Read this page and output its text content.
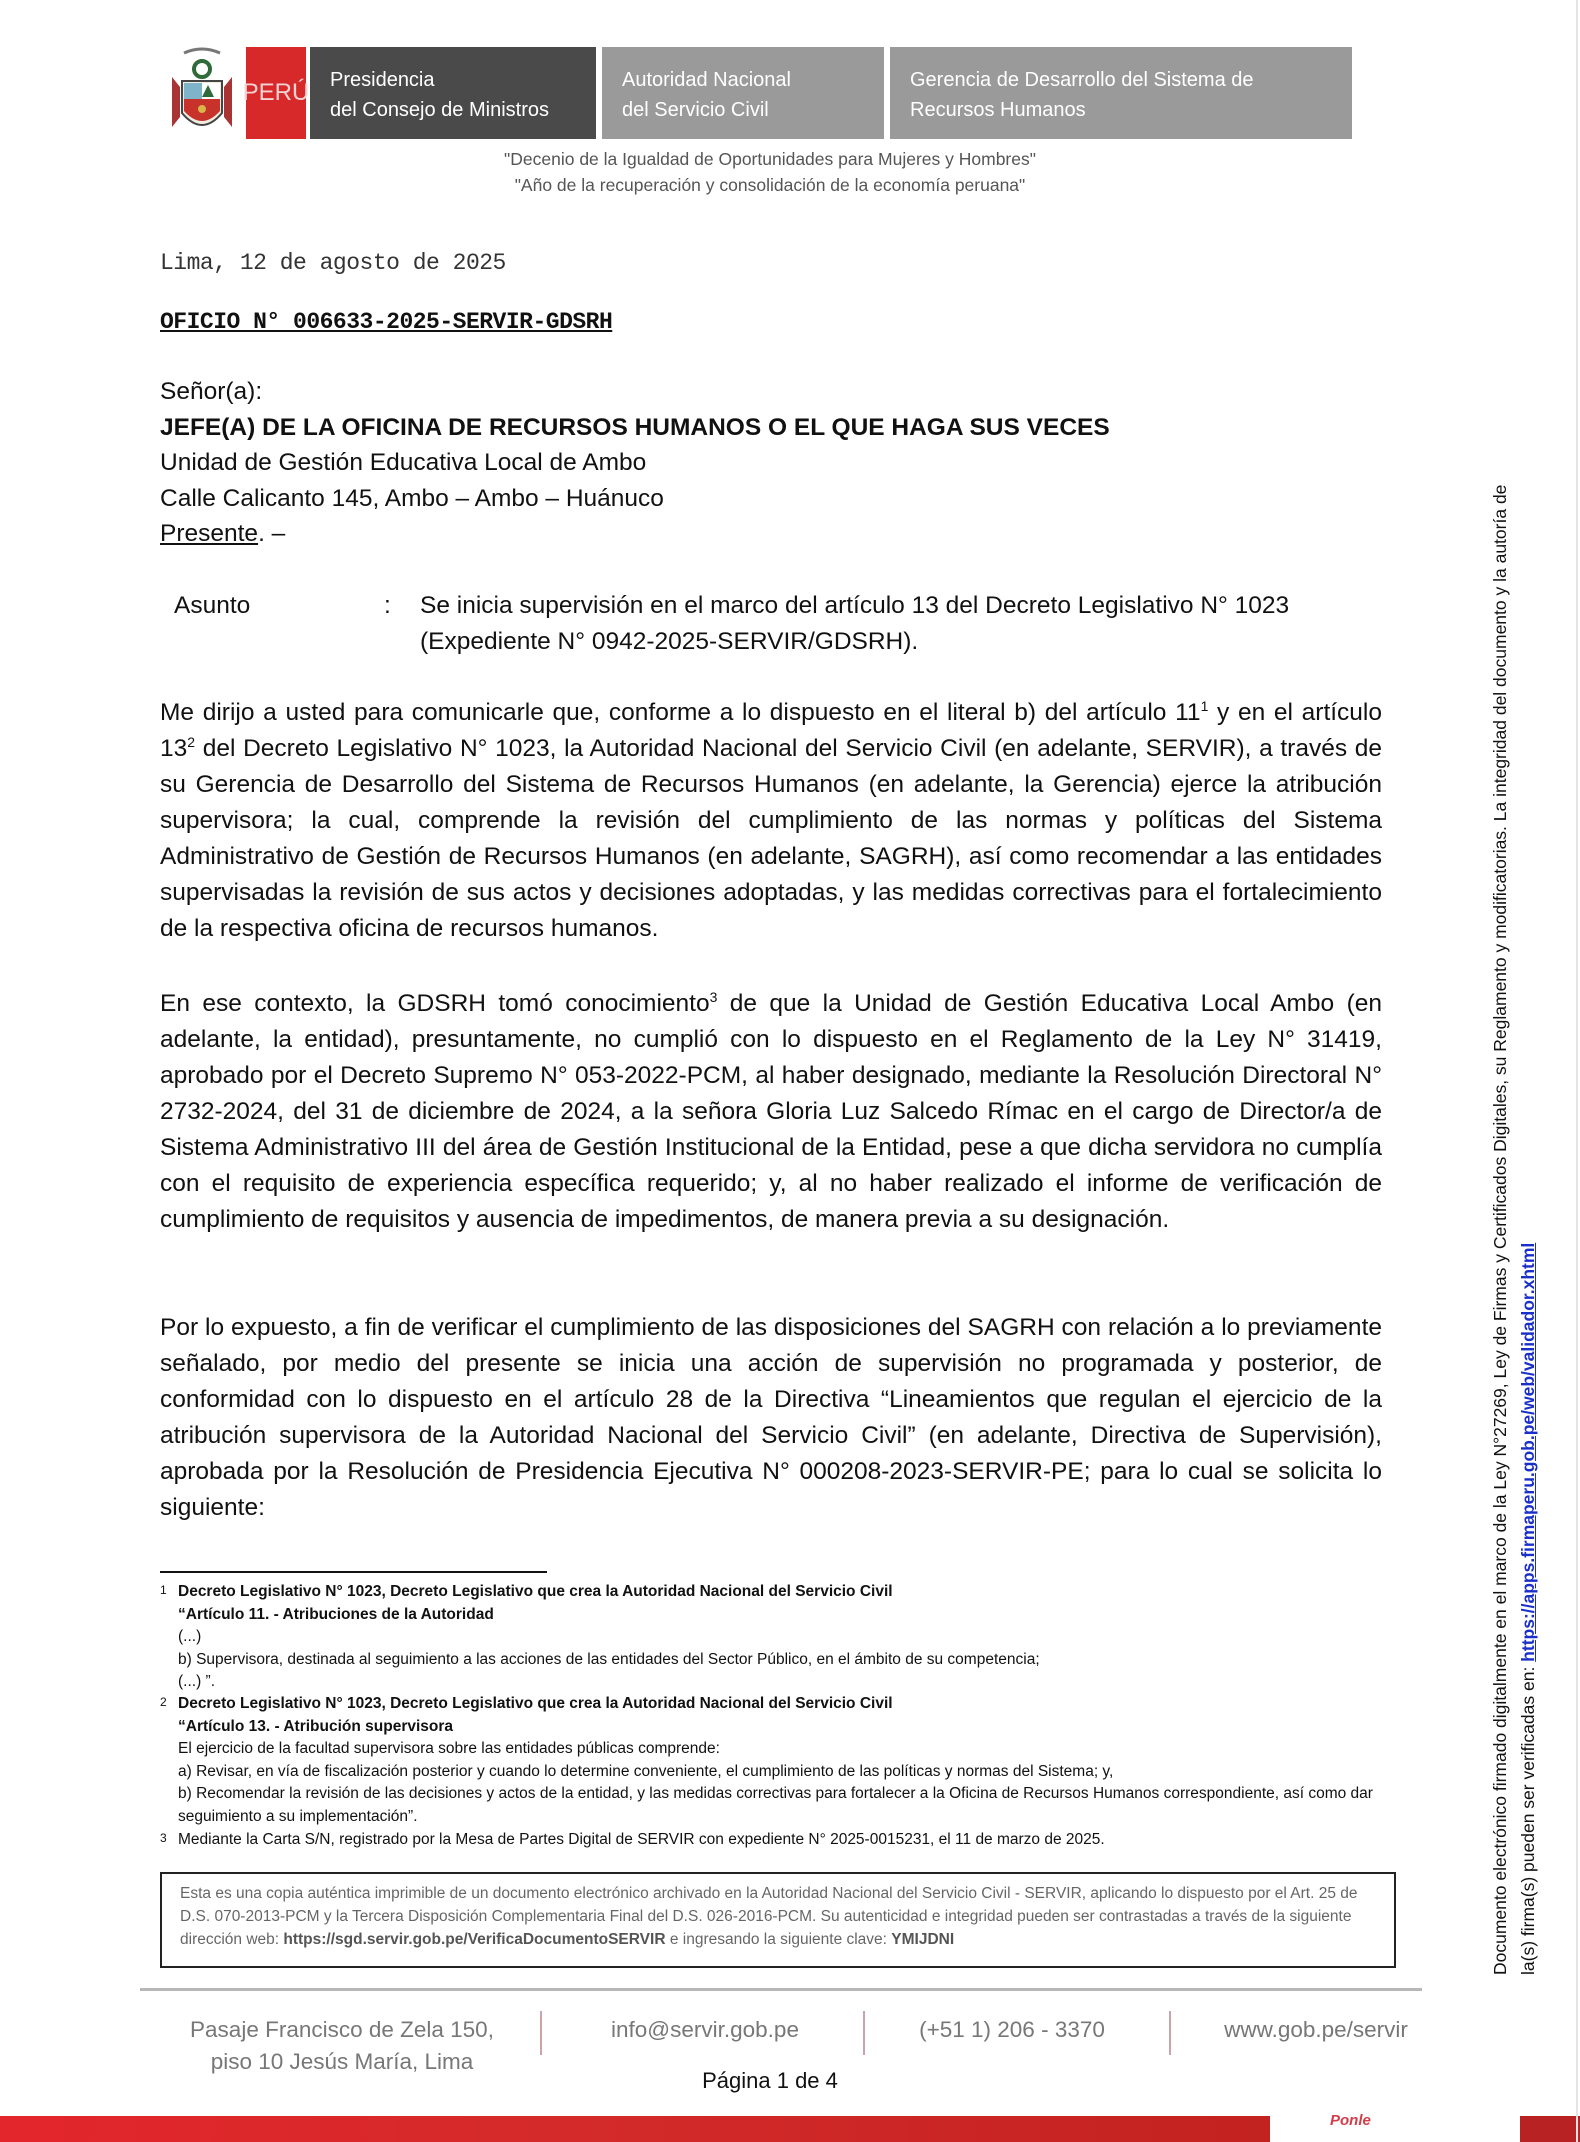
PERÚ Presidencia
del Consejo de Ministros
Autoridad Nacional
del Servicio Civil
Gerencia de Desarrollo del Sistema de
Recursos Humanos
"Decenio de la Igualdad de Oportunidades para Mujeres y Hombres"
"Año de la recuperación y consolidación de la economía peruana"
Lima, 12 de agosto de 2025
OFICIO N° 006633-2025-SERVIR-GDSRH
Señor(a):
JEFE(A) DE LA OFICINA DE RECURSOS HUMANOS O EL QUE HAGA SUS VECES
Unidad de Gestión Educativa Local de Ambo
Calle Calicanto 145, Ambo – Ambo – Huánuco
Presente. –
Asunto	:	Se inicia supervisión en el marco del artículo 13 del Decreto Legislativo N° 1023 (Expediente N° 0942-2025-SERVIR/GDSRH).
Me dirijo a usted para comunicarle que, conforme a lo dispuesto en el literal b) del artículo $11^1$ y en el artículo $13^2$ del Decreto Legislativo N° 1023, la Autoridad Nacional del Servicio Civil (en adelante, SERVIR), a través de su Gerencia de Desarrollo del Sistema de Recursos Humanos (en adelante, la Gerencia) ejerce la atribución supervisora; la cual, comprende la revisión del cumplimiento de las normas y políticas del Sistema Administrativo de Gestión de Recursos Humanos (en adelante, SAGRH), así como recomendar a las entidades supervisadas la revisión de sus actos y decisiones adoptadas, y las medidas correctivas para el fortalecimiento de la respectiva oficina de recursos humanos.
En ese contexto, la GDSRH tomó conocimiento$^3$ de que la Unidad de Gestión Educativa Local Ambo (en adelante, la entidad), presuntamente, no cumplió con lo dispuesto en el Reglamento de la Ley N° 31419, aprobado por el Decreto Supremo N° 053-2022-PCM, al haber designado, mediante la Resolución Directoral N° 2732-2024, del 31 de diciembre de 2024, a la señora Gloria Luz Salcedo Rímac en el cargo de Director/a de Sistema Administrativo III del área de Gestión Institucional de la Entidad, pese a que dicha servidora no cumplía con el requisito de experiencia específica requerido; y, al no haber realizado el informe de verificación de cumplimiento de requisitos y ausencia de impedimentos, de manera previa a su designación.
Por lo expuesto, a fin de verificar el cumplimiento de las disposiciones del SAGRH con relación a lo previamente señalado, por medio del presente se inicia una acción de supervisión no programada y posterior, de conformidad con lo dispuesto en el artículo 28 de la Directiva “Lineamientos que regulan el ejercicio de la atribución supervisora de la Autoridad Nacional del Servicio Civil” (en adelante, Directiva de Supervisión), aprobada por la Resolución de Presidencia Ejecutiva N° 000208-2023-SERVIR-PE; para lo cual se solicita lo siguiente:
1 Decreto Legislativo N° 1023, Decreto Legislativo que crea la Autoridad Nacional del Servicio Civil
“Artículo 11. - Atribuciones de la Autoridad
(...)
b) Supervisora, destinada al seguimiento a las acciones de las entidades del Sector Público, en el ámbito de su competencia;
(...) ”.
2 Decreto Legislativo N° 1023, Decreto Legislativo que crea la Autoridad Nacional del Servicio Civil
“Artículo 13. - Atribución supervisora
El ejercicio de la facultad supervisora sobre las entidades públicas comprende:
a) Revisar, en vía de fiscalización posterior y cuando lo determine conveniente, el cumplimiento de las políticas y normas del Sistema; y,
b) Recomendar la revisión de las decisiones y actos de la entidad, y las medidas correctivas para fortalecer a la Oficina de Recursos Humanos correspondiente, así como dar seguimiento a su implementación”.
3 Mediante la Carta S/N, registrado por la Mesa de Partes Digital de SERVIR con expediente N° 2025-0015231, el 11 de marzo de 2025.
Esta es una copia auténtica imprimible de un documento electrónico archivado en la Autoridad Nacional del Servicio Civil - SERVIR, aplicando lo dispuesto por el Art. 25 de D.S. 070-2013-PCM y la Tercera Disposición Complementaria Final del D.S. 026-2016-PCM. Su autenticidad e integridad pueden ser contrastadas a través de la siguiente dirección web: https://sgd.servir.gob.pe/VerificaDocumentoSERVIR e ingresando la siguiente clave: YMIJDNI
Pasaje Francisco de Zela 150,
piso 10 Jesús María, Lima
info@servir.gob.pe	(+51 1) 206 - 3370	www.gob.pe/servir
Página 1 de 4
Ponle
Documento electrónico firmado digitalmente en el marco de la Ley N°27269, Ley de Firmas y Certificados Digitales, su Reglamento y modificatorias. La integridad del documento y la autoría de la(s) firma(s) pueden ser verificadas en: https://apps.firmaperu.gob.pe/web/validador.xhtml
